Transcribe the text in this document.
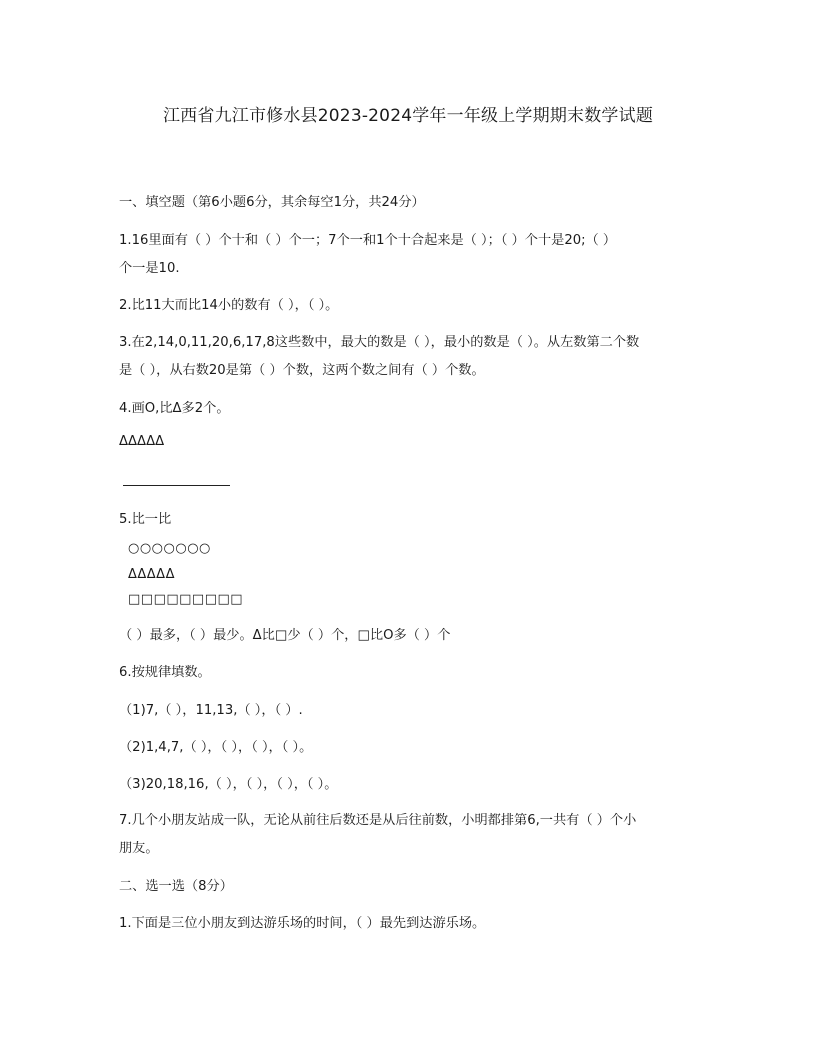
江西省九江市修水县2023-2024学年一年级上学期期末数学试题
一、填空题（第6小题6分，其余每空1分，共24分）
1.16里面有（ ）个十和（ ）个一；7个一和1个十合起来是（ ）；（ ）个十是20;（ ）
个一是10.
2.比11大而比14小的数有（ ），（ ）。
3.在2,14,0,11,20,6,17,8这些数中，最大的数是（ ），最小的数是（ ）。从左数第二个数
是（ ），从右数20是第（ ）个数，这两个数之间有（ ）个数。
4.画O,比Δ多2个。
ΔΔΔΔΔ
5.比一比
○○○○○○○
ΔΔΔΔΔ
□□□□□□□□□
（ ）最多，（ ）最少。Δ比□少（ ）个，□比O多（ ）个
6.按规律填数。
（1)7,（ ），11,13,（ ），（ ）.
（2)1,4,7,（ ），（ ），（ ），（ ）。
（3)20,18,16,（ ），（ ），（ ），（ ）。
7.几个小朋友站成一队，无论从前往后数还是从后往前数，小明都排第6,一共有（ ）个小
朋友。
二、选一选（8分）
1.下面是三位小朋友到达游乐场的时间，（ ）最先到达游乐场。
